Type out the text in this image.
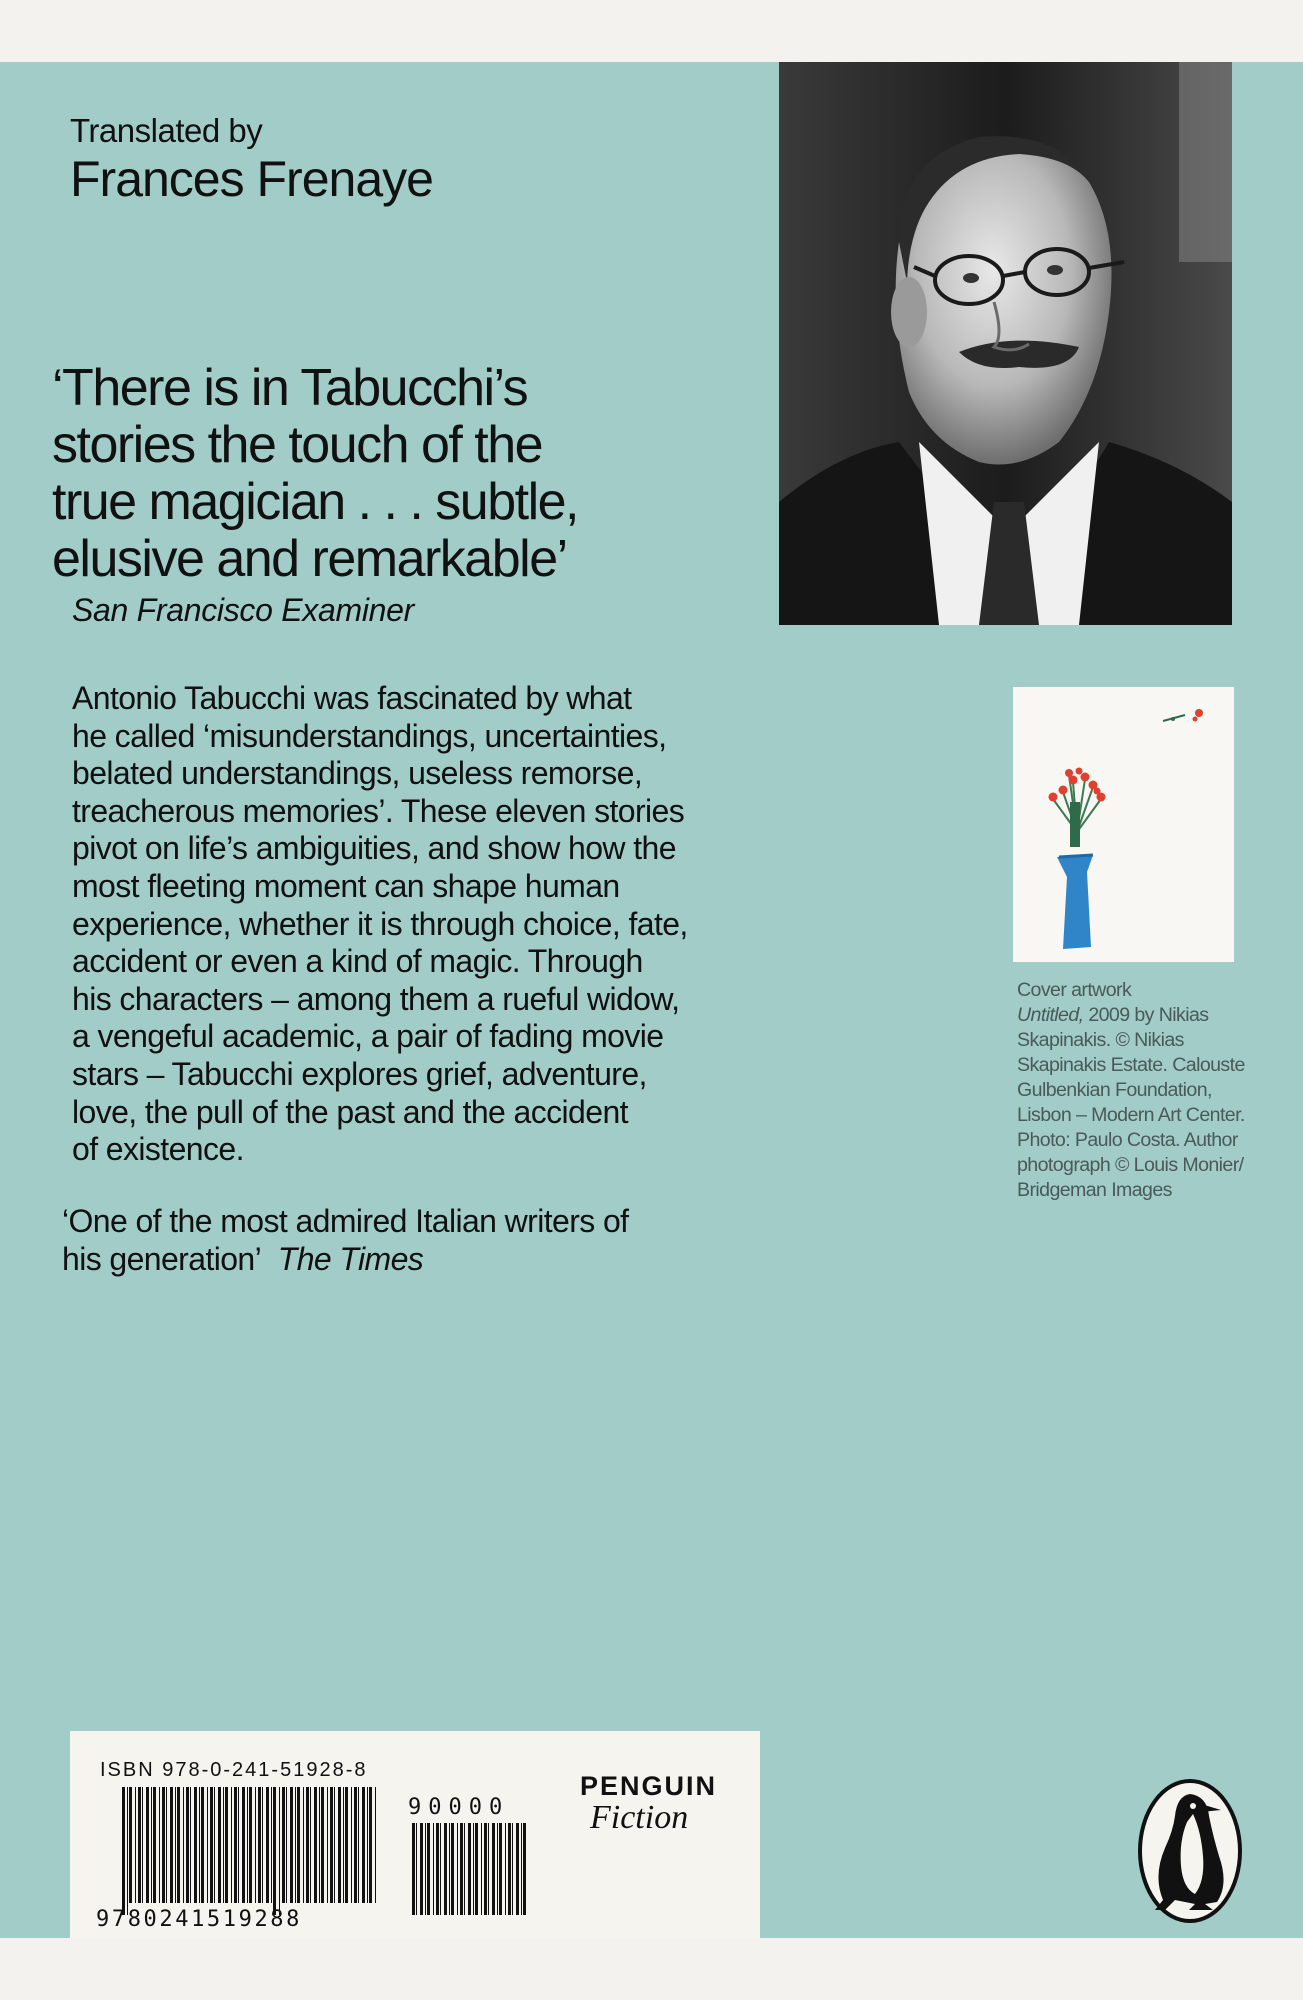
Translated by
Frances Frenaye
‘There is in Tabucchi’s
stories the touch of the
true magician . . . subtle,
elusive and remarkable’
San Francisco Examiner
Antonio Tabucchi was fascinated by what
he called ‘misunderstandings, uncertainties,
belated understandings, useless remorse,
treacherous memories’. These eleven stories
pivot on life’s ambiguities, and show how the
most fleeting moment can shape human
experience, whether it is through choice, fate,
accident or even a kind of magic. Through
his characters – among them a rueful widow,
a vengeful academic, a pair of fading movie
stars – Tabucchi explores grief, adventure,
love, the pull of the past and the accident
of existence.
‘One of the most admired Italian writers of
his generation’ The Times
Cover artwork
Untitled, 2009 by Nikias Skapinakis. © Nikias Skapinakis Estate. Calouste Gulbenkian Foundation, Lisbon – Modern Art Center. Photo: Paulo Costa. Author photograph © Louis Monier/ Bridgeman Images
ISBN 978-0-241-51928-8
9780241519288
90000
PENGUIN
Fiction
